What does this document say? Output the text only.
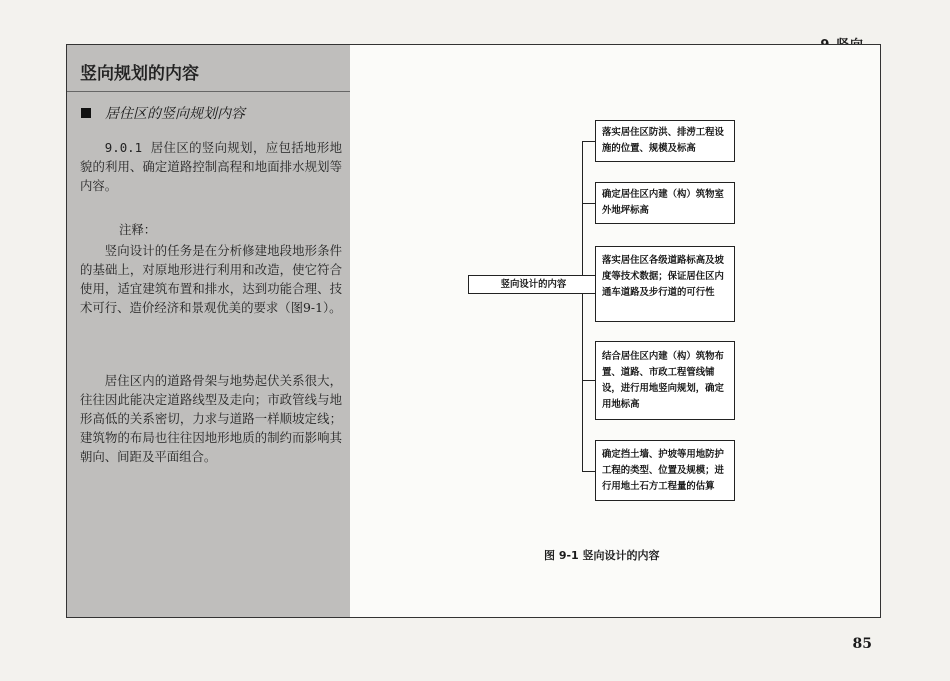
竖向规划的内容
居住区的竖向规划内容
9.0.1 居住区的竖向规划，应包括地形地貌的利用、确定道路控制高程和地面排水规划等内容。
注释：
竖向设计的任务是在分析修建地段地形条件的基础上，对原地形进行利用和改造，使它符合使用，适宜建筑布置和排水，达到功能合理、技术可行、造价经济和景观优美的要求（图9-1）。
居住区内的道路骨架与地势起伏关系很大，往往因此能决定道路线型及走向；市政管线与地形高低的关系密切，力求与道路一样顺坡定线；建筑物的布局也往往因地形地质的制约而影响其朝向、间距及平面组合。
竖向设计的内容
落实居住区防洪、排涝工程设施的位置、规模及标高
确定居住区内建（构）筑物室外地坪标高
落实居住区各级道路标高及坡度等技术数据；保证居住区内通车道路及步行道的可行性
结合居住区内建（构）筑物布置、道路、市政工程管线铺设，进行用地竖向规划，确定用地标高
确定挡土墙、护坡等用地防护工程的类型、位置及规模；进行用地土石方工程量的估算
图 9-1 竖向设计的内容
85
